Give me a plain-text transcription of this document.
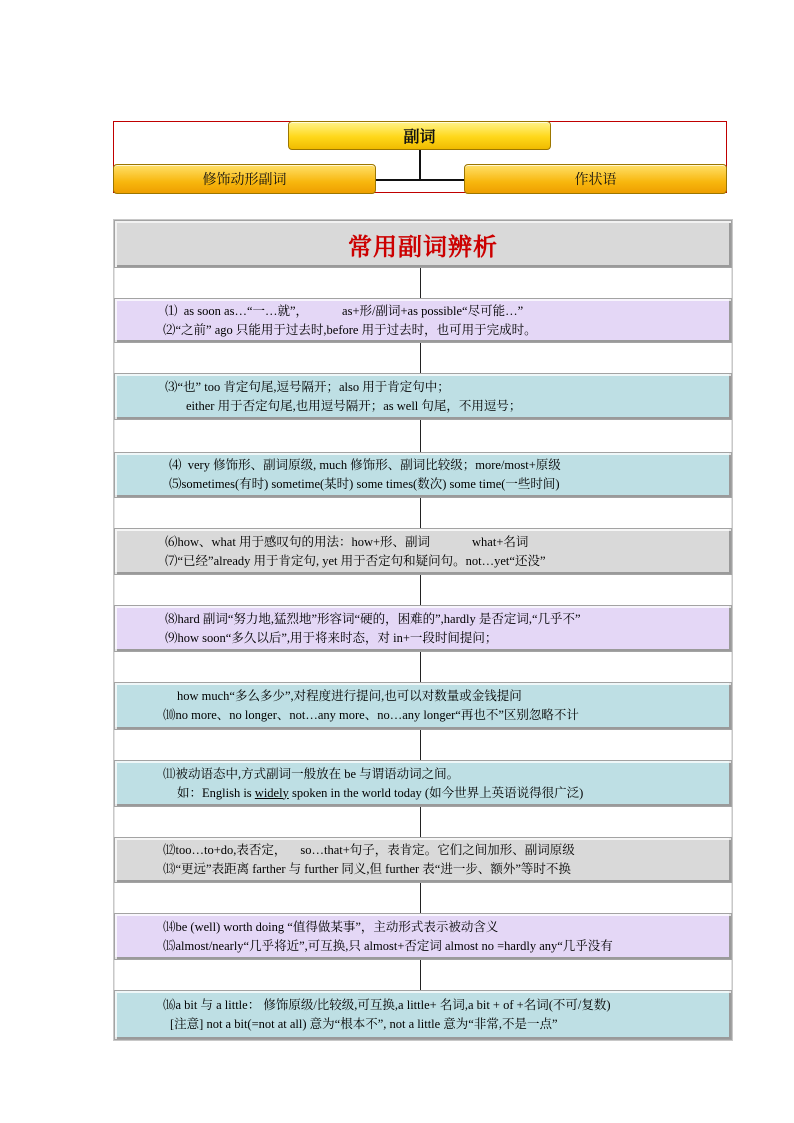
副词
修饰动形副词	作状语
常用副词辨析
⑴  as soon as…“一…就”，	as+形/副词+as possible“尽可能…”
⑵“之前” ago 只能用于过去时,before 用于过去时，也可用于完成时。
⑶“也” too 肯定句尾,逗号隔开；also 用于肯定句中；
either 用于否定句尾,也用逗号隔开；as well 句尾，不用逗号；
⑷  very 修饰形、副词原级, much 修饰形、副词比较级；more/most+原级
⑸sometimes(有时) sometime(某时) some times(数次) some time(一些时间)
⑹how、what 用于感叹句的用法：how+形、副词	what+名词
⑺“已经”already 用于肯定句, yet 用于否定句和疑问句。not…yet“还没”
⑻hard 副词“努力地,猛烈地”形容词“硬的，困难的”,hardly 是否定词,“几乎不”
⑼how soon“多久以后”,用于将来时态，对 in+一段时间提问；
how much“多么多少”,对程度进行提问,也可以对数量或金钱提问
⑽no more、no longer、not…any more、no…any longer“再也不”区别忽略不计
⑾被动语态中,方式副词一般放在 be 与谓语动词之间。
如：English is widely spoken in the world today (如今世界上英语说得很广泛)
⑿too…to+do,表否定， so…that+句子，表肯定。它们之间加形、副词原级
⒀“更远”表距离 farther 与 further 同义,但 further 表“进一步、额外”等时不换
⒁be (well) worth doing “值得做某事”，主动形式表示被动含义
⒂almost/nearly“几乎将近”,可互换,只 almost+否定词 almost no =hardly any“几乎没有
⒃a bit 与 a little： 修饰原级/比较级,可互换,a little+ 名词,a bit + of +名词(不可/复数)
[注意] not a bit(=not at all) 意为“根本不”, not a little 意为“非常,不是一点”
